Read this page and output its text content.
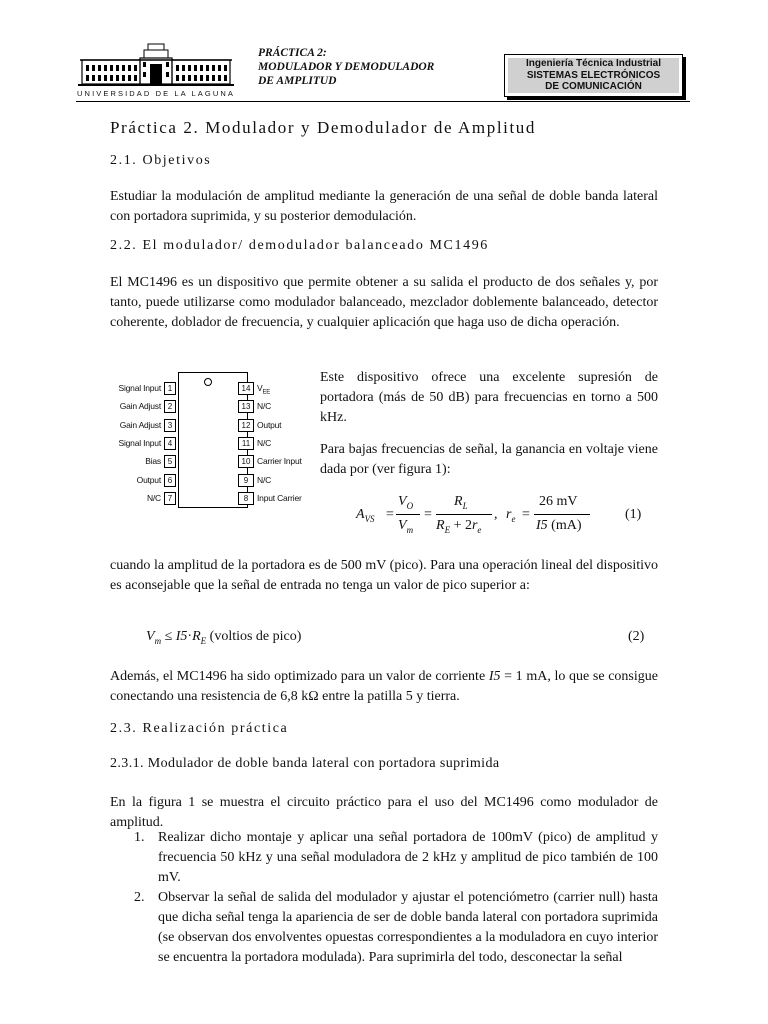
UNIVERSIDAD DE LA LAGUNA
PRÁCTICA 2:
MODULADOR Y DEMODULADOR
DE AMPLITUD
Ingeniería Técnica Industrial
SISTEMAS ELECTRÓNICOS
DE COMUNICACIÓN
Práctica 2. Modulador y Demodulador de Amplitud
2.1. Objetivos
Estudiar la modulación de amplitud mediante la generación de una señal de doble banda lateral con portadora suprimida, y su posterior demodulación.
2.2. El modulador/ demodulador balanceado MC1496
El MC1496 es un dispositivo que permite obtener a su salida el producto de dos señales y, por tanto, puede utilizarse como modulador balanceado, mezclador doblemente balanceado, detector coherente, doblador de frecuencia, y cualquier aplicación que haga uso de dicha operación.
1
Signal Input
2
Gain Adjust
3
Gain Adjust
4
Signal Input
5
Bias
6
Output
7
N/C
14 $V_{EE}$
13 N/C
12 Output
11 N/C
10 Carrier Input
9	N/C
8	Input Carrier
Este dispositivo ofrece una excelente supresión de portadora (más de 50 dB) para frecuencias en torno a 500 kHz.
Para bajas frecuencias de señal, la ganancia en voltaje viene dada por (ver figura 1):
$A_{VS}$ =
$V_O$
$V_m$
=
$R_L$
$R_E + 2r_e$
, $r_e$ =
26 mV
I5 (mA)
(1)
cuando la amplitud de la portadora es de 500 mV (pico). Para una operación lineal del dispositivo es aconsejable que la señal de entrada no tenga un valor de pico superior a:
$V_m \le I5\cdot R_E$ (voltios de pico)	(2)
Además, el MC1496 ha sido optimizado para un valor de corriente I5 = 1 mA, lo que se consigue conectando una resistencia de 6,8 kΩ entre la patilla 5 y tierra.
2.3. Realización práctica
2.3.1. Modulador de doble banda lateral con portadora suprimida
En la figura 1 se muestra el circuito práctico para el uso del MC1496 como modulador de amplitud.
1. Realizar dicho montaje y aplicar una señal portadora de 100mV (pico) de amplitud y frecuencia 50 kHz y una señal moduladora de 2 kHz y amplitud de pico también de 100 mV.
2. Observar la señal de salida del modulador y ajustar el potenciómetro (carrier null) hasta que dicha señal tenga la apariencia de ser de doble banda lateral con portadora suprimida (se observan dos envolventes opuestas correspondientes a la moduladora en cuyo interior se encuentra la portadora modulada). Para suprimirla del todo, desconectar la señal
